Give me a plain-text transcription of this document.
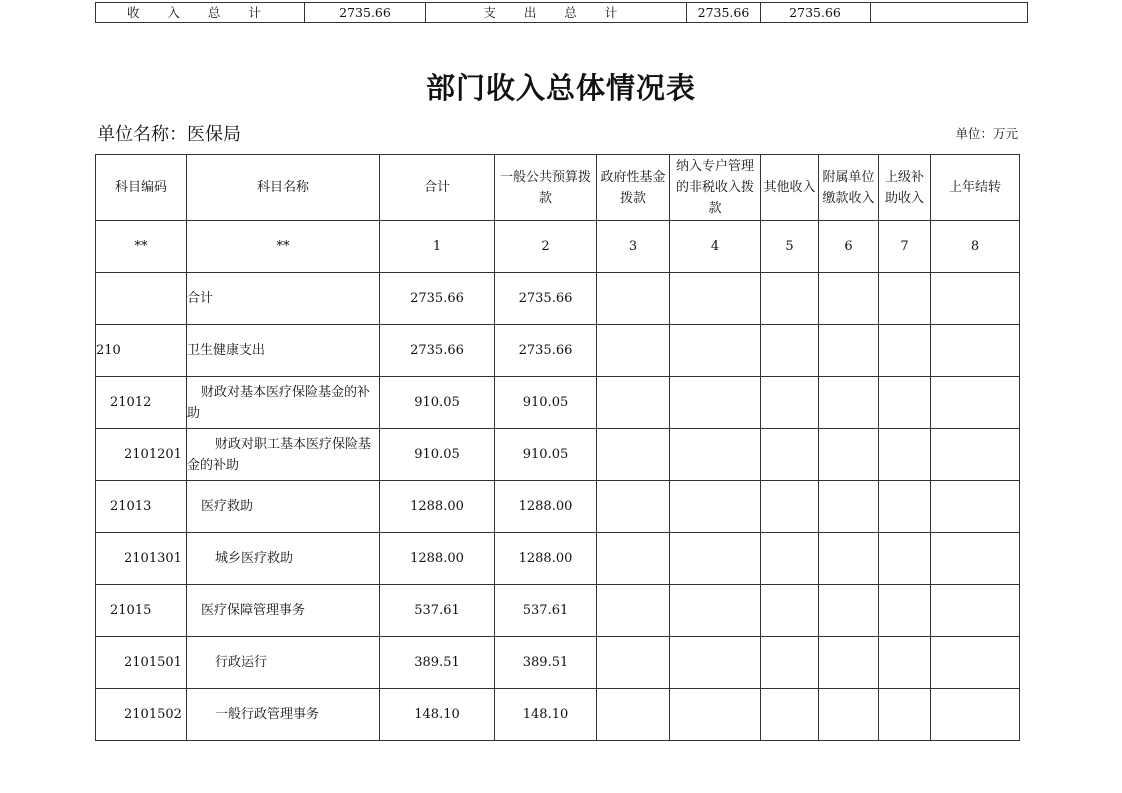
收 入 总 计	2735.66	支 出 总 计	2735.66	2735.66	
部门收入总体情况表
单位名称：医保局	单位：万元
科目编码	科目名称	合计	一般公共预算拨款	政府性基金拨款	纳入专户管理的非税收入拨款	其他收入	附属单位缴款收入	上级补助收入	上年结转
**	**	1	2	3	4	5	6	7	8
	合计	2735.66	2735.66						
210	卫生健康支出	2735.66	2735.66						
21012	财政对基本医疗保险基金的补助	910.05	910.05						
2101201	财政对职工基本医疗保险基金的补助	910.05	910.05						
21013	医疗救助	1288.00	1288.00						
2101301	城乡医疗救助	1288.00	1288.00						
21015	医疗保障管理事务	537.61	537.61						
2101501	行政运行	389.51	389.51						
2101502	一般行政管理事务	148.10	148.10						
